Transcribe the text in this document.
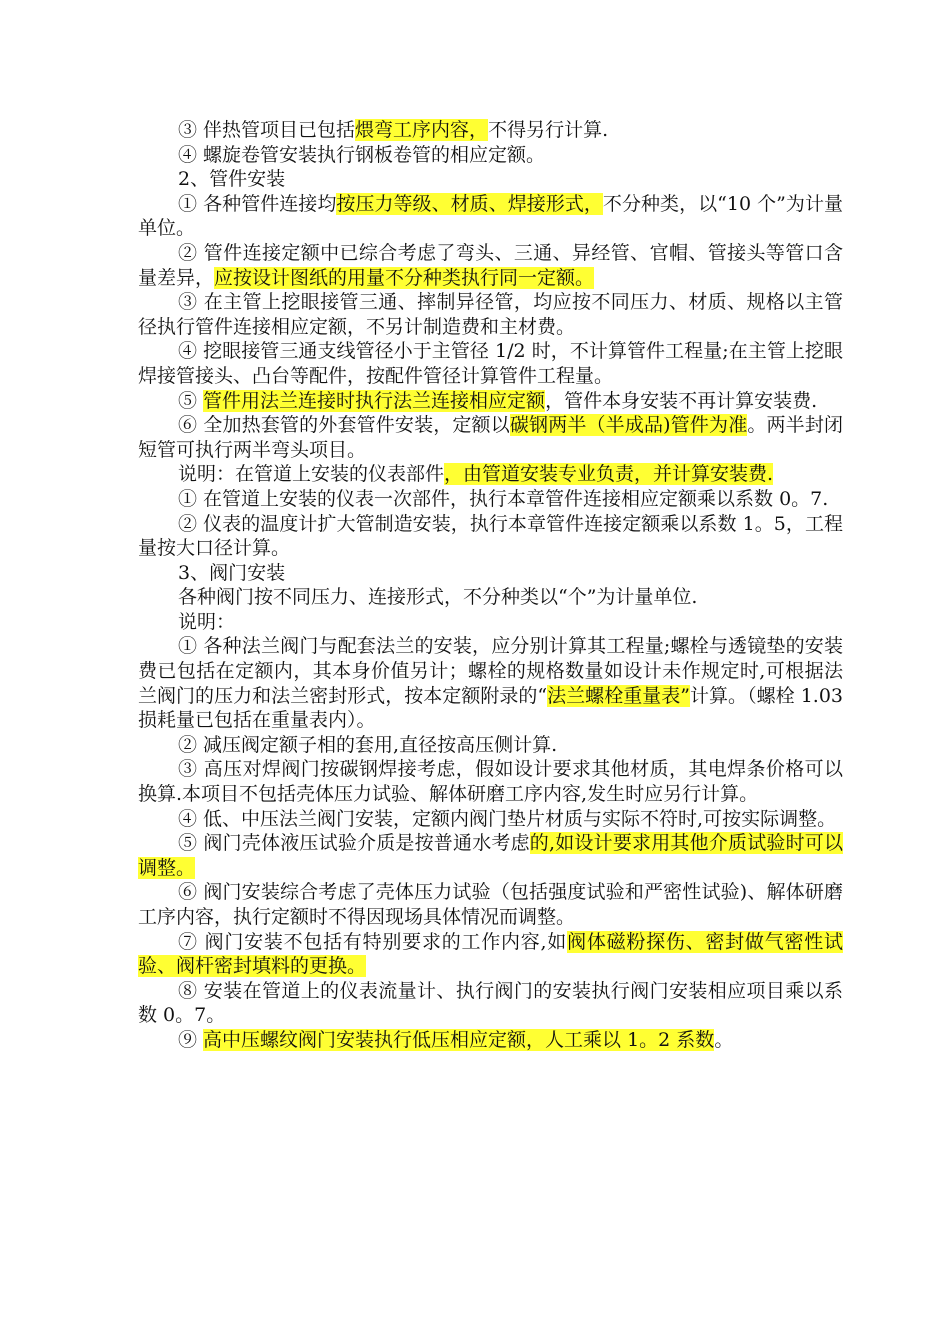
③ 伴热管项目已包括煨弯工序内容，不得另行计算.

④ 螺旋卷管安装执行钢板卷管的相应定额。

2、管件安装

① 各种管件连接均按压力等级、材质、焊接形式，不分种类，以“10 个”为计量单位。

② 管件连接定额中已综合考虑了弯头、三通、异经管、官帽、管接头等管口含量差异，应按设计图纸的用量不分种类执行同一定额。

③ 在主管上挖眼接管三通、摔制异径管，均应按不同压力、材质、规格以主管径执行管件连接相应定额，不另计制造费和主材费。

④ 挖眼接管三通支线管径小于主管径 1/2 时，不计算管件工程量;在主管上挖眼焊接管接头、凸台等配件，按配件管径计算管件工程量。

⑤ 管件用法兰连接时执行法兰连接相应定额，管件本身安装不再计算安装费.

⑥ 全加热套管的外套管件安装，定额以碳钢两半（半成品)管件为准。两半封闭短管可执行两半弯头项目。

说明：在管道上安装的仪表部件，由管道安装专业负责，并计算安装费.

① 在管道上安装的仪表一次部件，执行本章管件连接相应定额乘以系数 0。7.

② 仪表的温度计扩大管制造安装，执行本章管件连接定额乘以系数 1。5，工程量按大口径计算。

3、阀门安装

各种阀门按不同压力、连接形式，不分种类以“个”为计量单位.

说明：

① 各种法兰阀门与配套法兰的安装，应分别计算其工程量;螺栓与透镜垫的安装费已包括在定额内，其本身价值另计；螺栓的规格数量如设计未作规定时,可根据法兰阀门的压力和法兰密封形式，按本定额附录的“法兰螺栓重量表”计算。（螺栓 1.03 损耗量已包括在重量表内）。

② 减压阀定额子相的套用,直径按高压侧计算.

③ 高压对焊阀门按碳钢焊接考虑，假如设计要求其他材质，其电焊条价格可以换算.本项目不包括壳体压力试验、解体研磨工序内容,发生时应另行计算。

④ 低、中压法兰阀门安装，定额内阀门垫片材质与实际不符时,可按实际调整。

⑤ 阀门壳体液压试验介质是按普通水考虑的,如设计要求用其他介质试验时可以调整。

⑥ 阀门安装综合考虑了壳体压力试验（包括强度试验和严密性试验)、解体研磨工序内容，执行定额时不得因现场具体情况而调整。

⑦ 阀门安装不包括有特别要求的工作内容,如阀体磁粉探伤、密封做气密性试验、阀杆密封填料的更换。

⑧ 安装在管道上的仪表流量计、执行阀门的安装执行阀门安装相应项目乘以系数 0。7。

⑨ 高中压螺纹阀门安装执行低压相应定额，人工乘以 1。2 系数。
